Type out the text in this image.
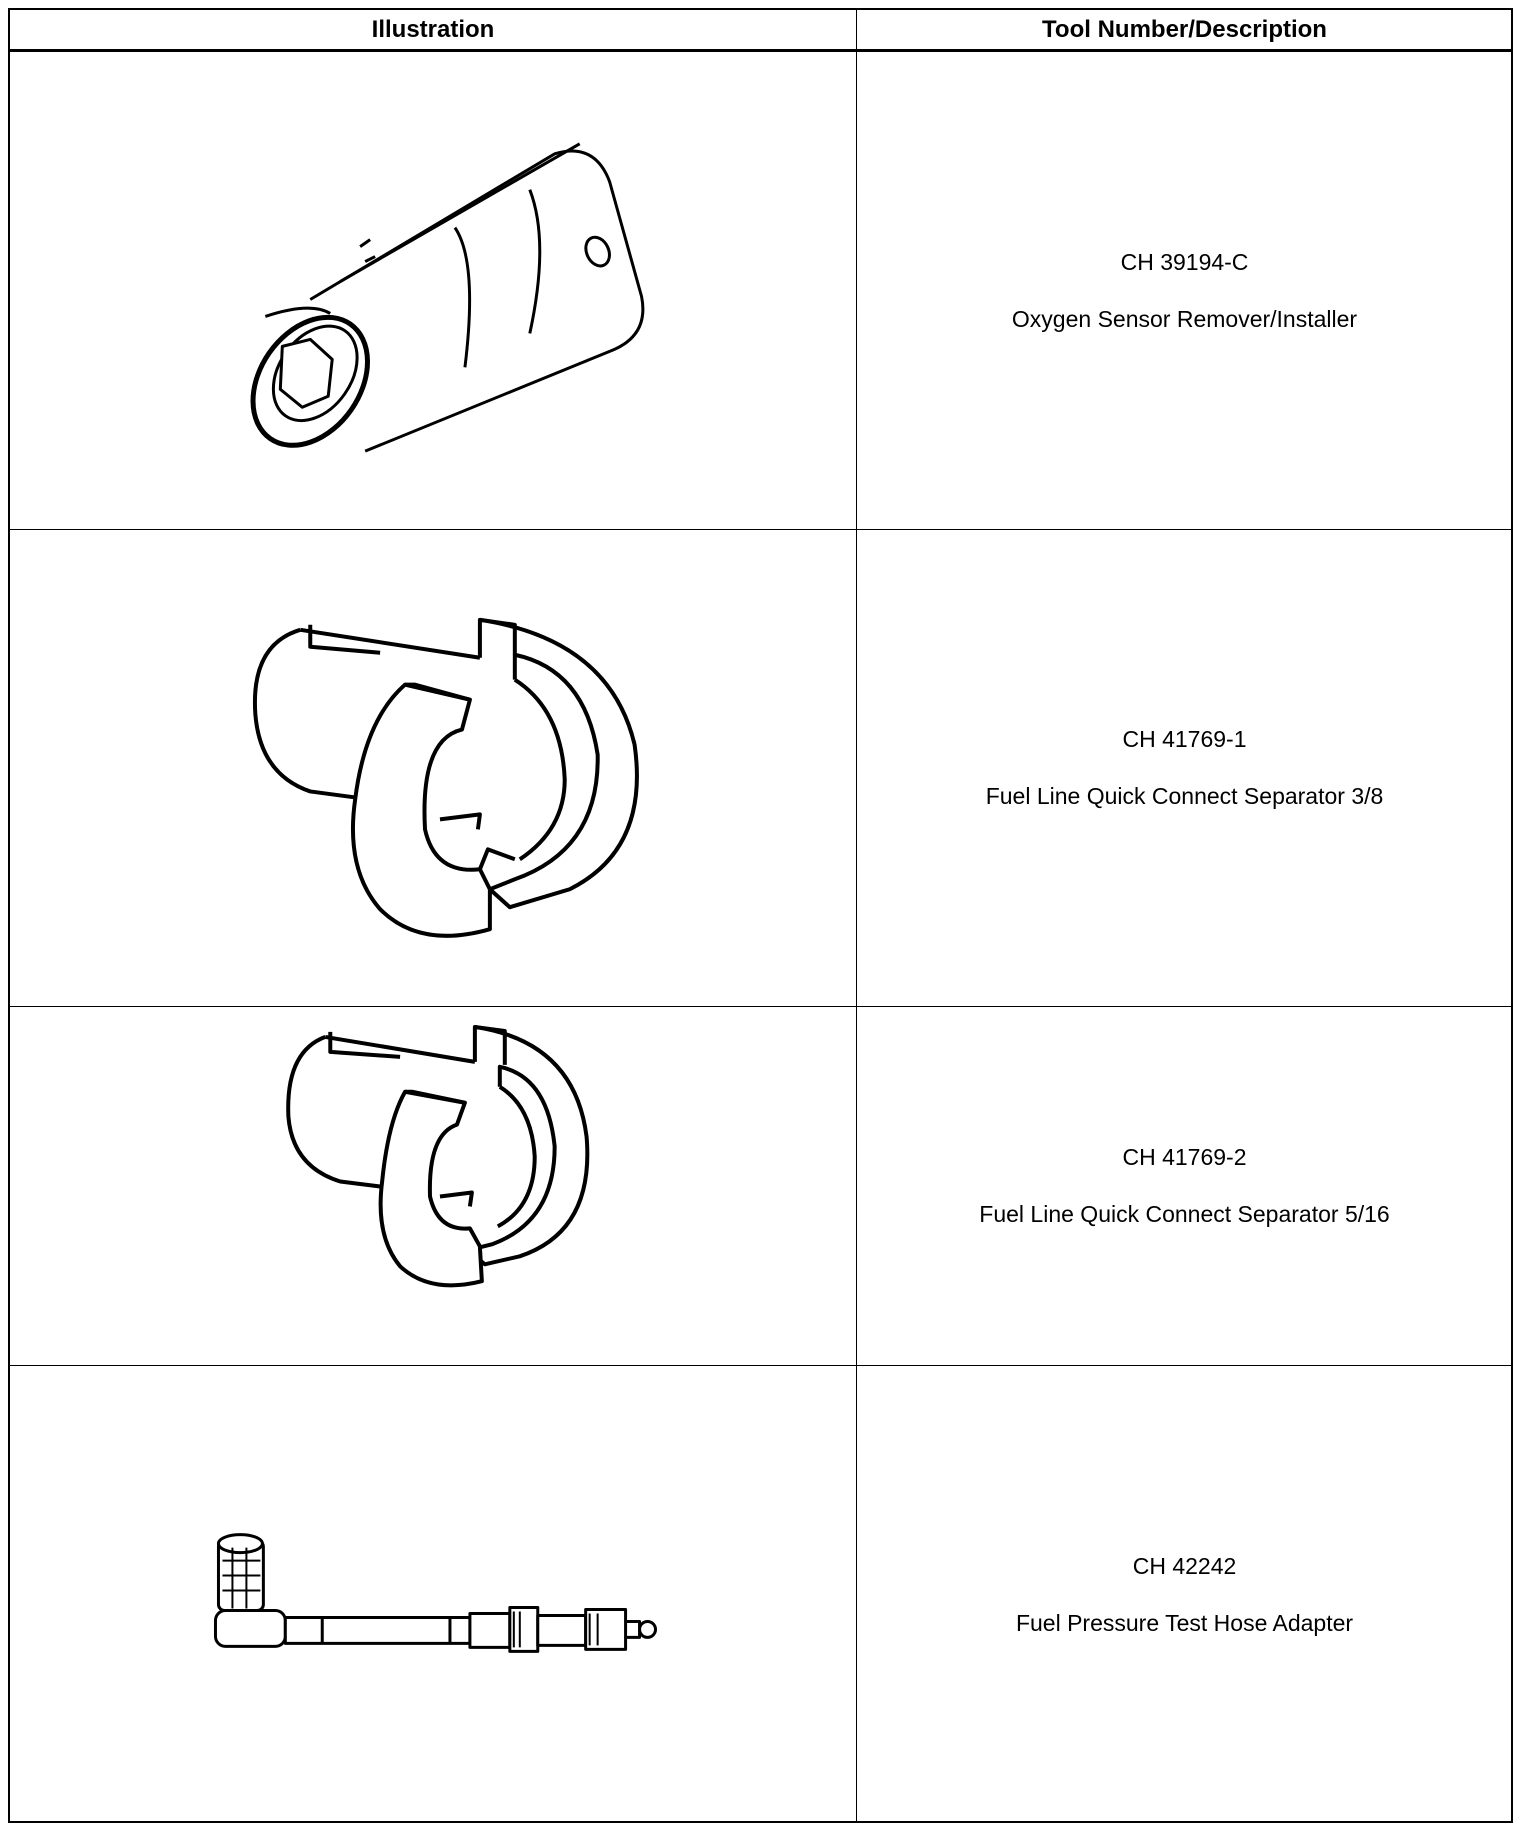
Illustration	Tool Number/Description
CH 39194-C
Oxygen Sensor Remover/Installer
CH 41769-1
Fuel Line Quick Connect Separator 3/8
CH 41769-2
Fuel Line Quick Connect Separator 5/16
CH 42242
Fuel Pressure Test Hose Adapter
